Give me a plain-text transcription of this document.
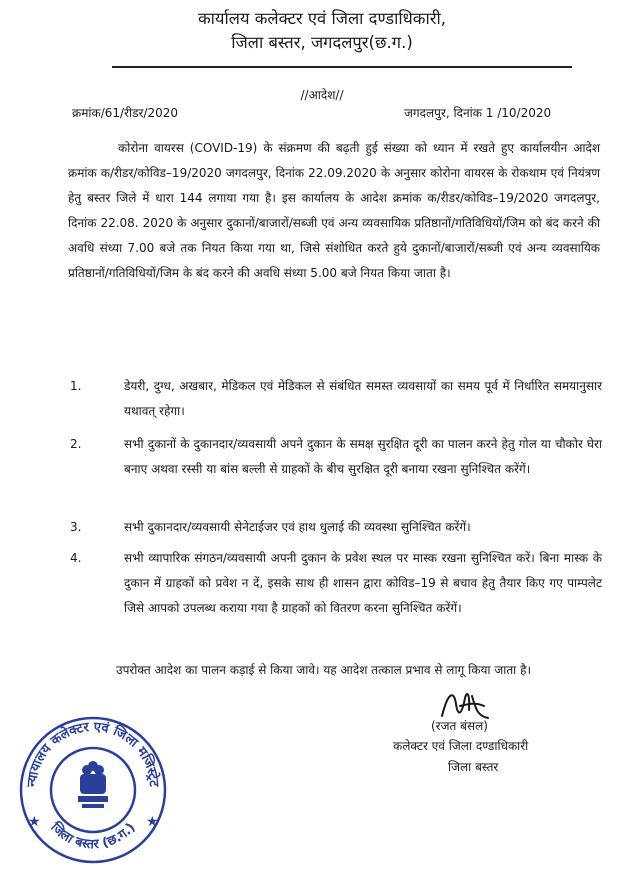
कार्यालय कलेक्टर एवं जिला दण्डाधिकारी,
जिला बस्तर, जगदलपुर(छ.ग.)
//आदेश//
क्रमांक/61/रीडर/2020	जगदलपुर, दिनांक 1 /10/2020

कोरोना वायरस (COVID-19) के संक्रमण की बढ़ती हुई संख्या को ध्यान में रखते हुए कार्यालयीन आदेश क्रमांक क/रीडर/कोविड–19/2020 जगदलपुर, दिनांक 22.09.2020 के अनुसार कोरोना वायरस के रोकथाम एवं नियंत्रण हेतु बस्तर जिले में धारा 144 लगाया गया है। इस कार्यालय के आदेश क्रमांक क/रीडर/कोविड–19/2020 जगदलपुर, दिनांक 22.08. 2020 के अनुसार दुकानों/बाजारों/सब्जी एवं अन्य व्यवसायिक प्रतिष्ठानों/गतिविधियों/जिम को बंद करने की अवधि संध्या 7.00 बजे तक नियत किया गया था, जिसे संशोधित करते हुये दुकानों/बाजारों/सब्जी एवं अन्य व्यवसायिक प्रतिष्ठानों/गतिविधियों/जिम के बंद करने की अवधि संध्या 5.00 बजे नियत किया जाता है।

1.	डेयरी, दुग्ध, अखबार, मेडिकल एवं मेडिकल से संबंधित समस्त व्यवसायों का समय पूर्व में निर्धारित समयानुसार यथावत् रहेगा।

2.	सभी दुकानों के दुकानदार/व्यवसायी अपने दुकान के समक्ष सुरक्षित दूरी का पालन करने हेतु गोल या चौकोर घेरा बनाए अथवा रस्सी या बांस बल्ली से ग्राहकों के बीच सुरक्षित दूरी बनाया रखना सुनिश्चित करेंगें।

3.	सभी दुकानदार/व्यवसायी सेनेटाईजर एवं हाथ धुलाई की व्यवस्था सुनिश्चित करेंगें।

4.	सभी व्यापारिक संगठन/व्यवसायी अपनी दुकान के प्रवेश स्थल पर मास्क रखना सुनिश्चित करें। बिना मास्क के दुकान में ग्राहकों को प्रवेश न दें, इसके साथ ही शासन द्वारा कोविड–19 से बचाव हेतु तैयार किए गए पाम्पलेट जिसे आपको उपलब्ध कराया गया है ग्राहकों को वितरण करना सुनिश्चित करेंगें।

उपरोक्त आदेश का पालन कड़ाई से किया जावे। यह आदेश तत्काल प्रभाव से लागू किया जाता है।

(रजत बंसल)
कलेक्टर एवं जिला दण्डाधिकारी
जिला बस्तर
न्यायालय कलेक्टर एवं जिला मजिस्ट्रेट
जिला बस्तर (छ.ग.)
★	★
